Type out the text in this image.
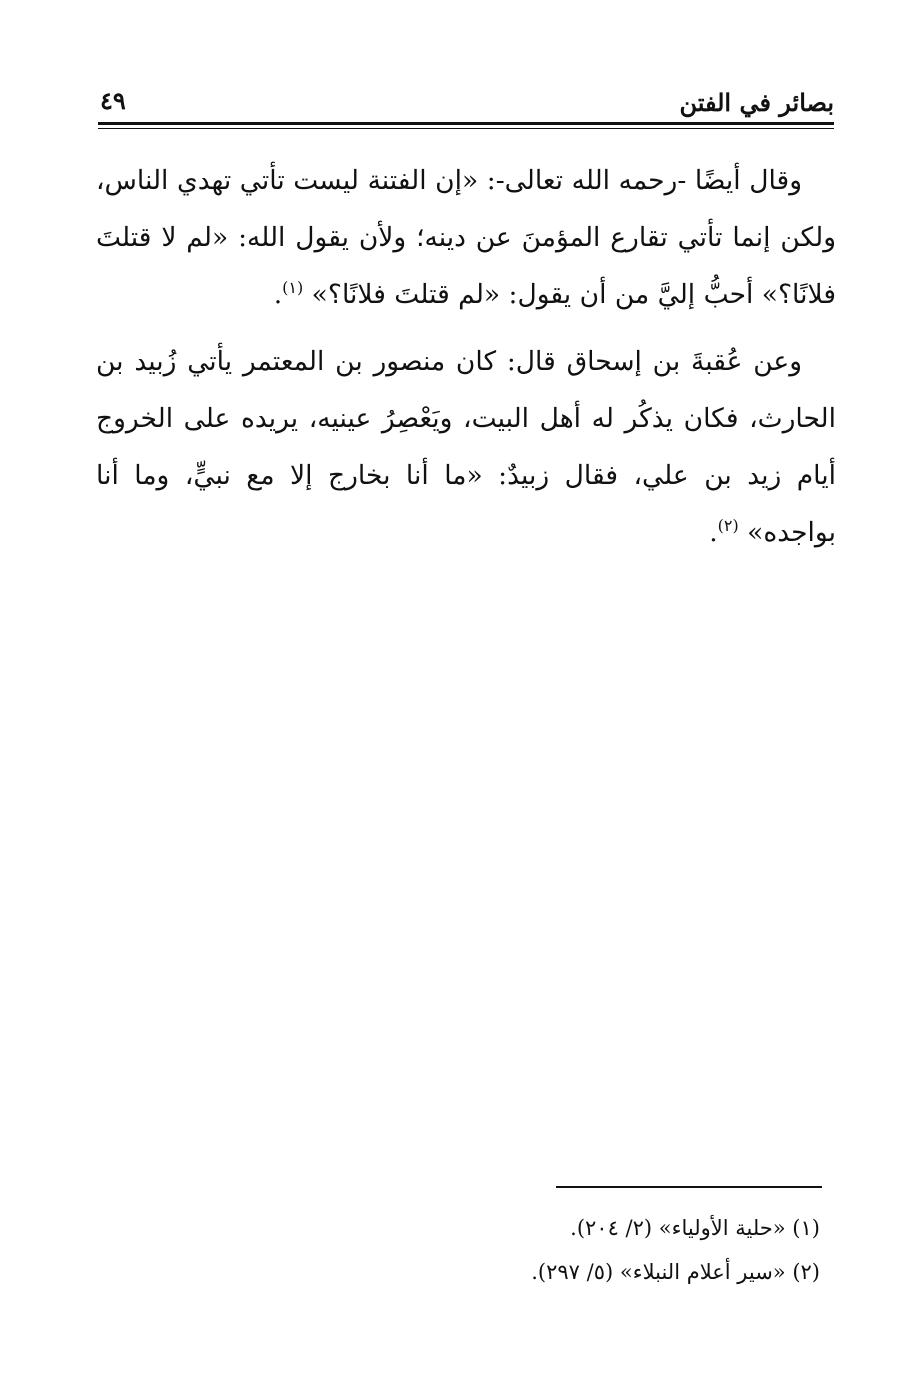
بصائر في الفتن
٤٩

وقال أيضًا -رحمه الله تعالى-: «إن الفتنة ليست تأتي تهدي الناس، ولكن إنما تأتي تقارع المؤمنَ عن دينه؛ ولأن يقول الله: «لم لا قتلتَ فلانًا؟» أحبُّ إليَّ من أن يقول: «لم قتلتَ فلانًا؟» $^{(١)}$.

وعن عُقبةَ بن إسحاق قال: كان منصور بن المعتمر يأتي زُبيد بن الحارث، فكان يذكُر له أهل البيت، ويَعْصِرُ عينيه، يريده على الخروج أيام زيد بن علي، فقال زبيدٌ: «ما أنا بخارج إلا مع نبيٍّ، وما أنا بواجده» $^{(٢)}$.

(١) «حلية الأولياء» (٢/ ٢٠٤).

(٢) «سير أعلام النبلاء» (٥/ ٢٩٧).
